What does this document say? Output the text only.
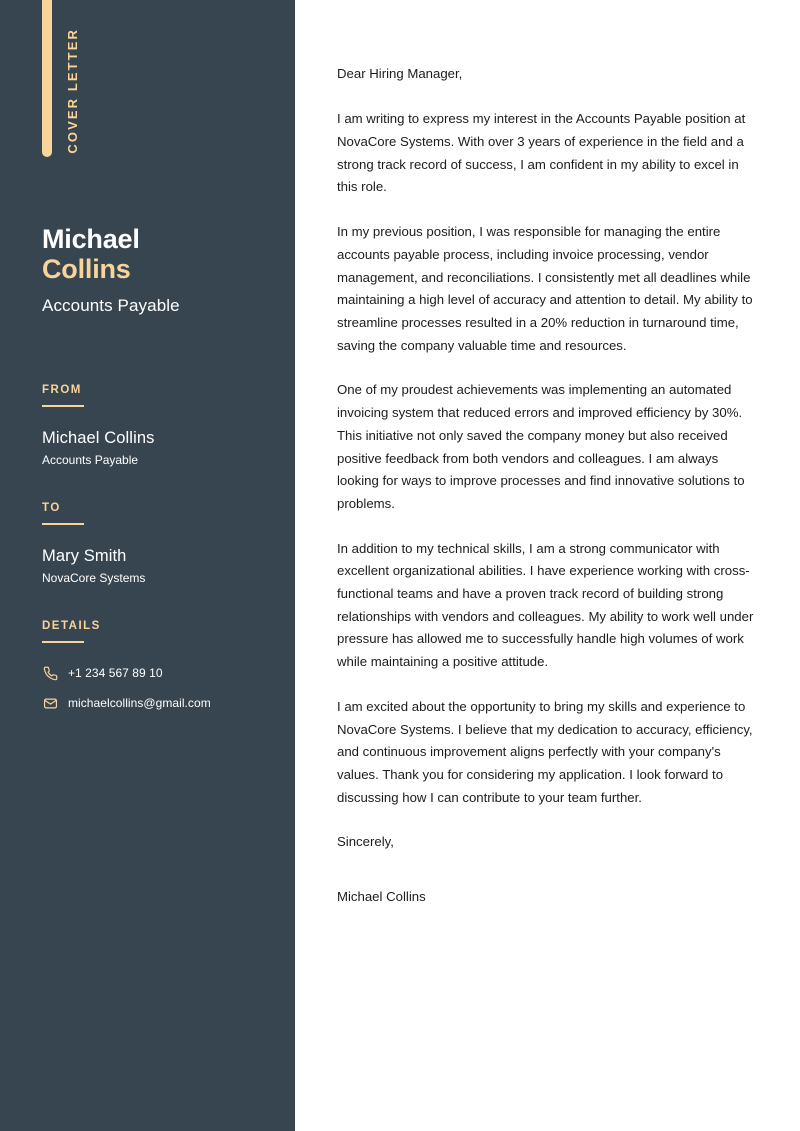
COVER LETTER
Michael
Collins
Accounts Payable
FROM
Michael Collins
Accounts Payable
TO
Mary Smith
NovaCore Systems
DETAILS
+1 234 567 89 10
michaelcollins@gmail.com

Dear Hiring Manager,

I am writing to express my interest in the Accounts Payable position at NovaCore Systems. With over 3 years of experience in the field and a strong track record of success, I am confident in my ability to excel in this role.

In my previous position, I was responsible for managing the entire accounts payable process, including invoice processing, vendor management, and reconciliations. I consistently met all deadlines while maintaining a high level of accuracy and attention to detail. My ability to streamline processes resulted in a 20% reduction in turnaround time, saving the company valuable time and resources.

One of my proudest achievements was implementing an automated invoicing system that reduced errors and improved efficiency by 30%. This initiative not only saved the company money but also received positive feedback from both vendors and colleagues. I am always looking for ways to improve processes and find innovative solutions to problems.

In addition to my technical skills, I am a strong communicator with excellent organizational abilities. I have experience working with cross-functional teams and have a proven track record of building strong relationships with vendors and colleagues. My ability to work well under pressure has allowed me to successfully handle high volumes of work while maintaining a positive attitude.

I am excited about the opportunity to bring my skills and experience to NovaCore Systems. I believe that my dedication to accuracy, efficiency, and continuous improvement aligns perfectly with your company's values. Thank you for considering my application. I look forward to discussing how I can contribute to your team further.

Sincerely,

Michael Collins
